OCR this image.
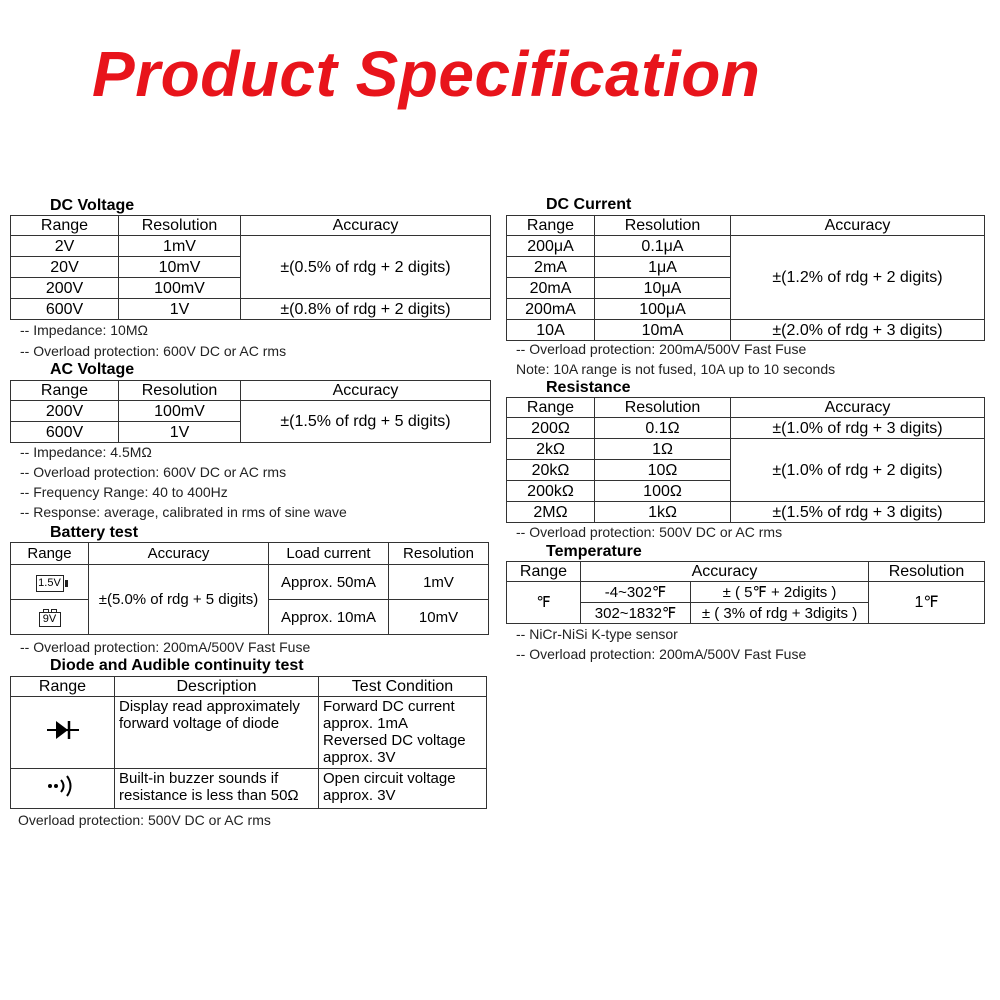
Product Specification
DC Voltage
Range	Resolution	Accuracy
2V	1mV	±(0.5% of rdg + 2 digits)
20V	10mV	
200V	100mV	
600V	1V	±(0.8% of rdg + 2 digits)
-- Impedance: 10MΩ
-- Overload protection: 600V DC or AC rms
AC Voltage
Range	Resolution	Accuracy
200V	100mV	±(1.5% of rdg + 5 digits)
600V	1V	
-- Impedance: 4.5MΩ
-- Overload protection: 600V DC or AC rms
-- Frequency Range: 40 to 400Hz
-- Response: average, calibrated in rms of sine wave
Battery test
Range	Accuracy	Load current	Resolution
1.5V	±(5.0% of rdg + 5 digits)	Approx. 50mA	1mV
9V		Approx. 10mA	10mV
-- Overload protection: 200mA/500V Fast Fuse
Diode and Audible continuity test
Range	Description	Test Condition
	Display read approximately forward voltage of diode	Forward DC current
approx. 1mA
Reversed DC voltage
approx. 3V

	Built-in buzzer sounds if resistance is less than 50Ω	Open circuit voltage
approx. 3V
Overload protection: 500V DC or AC rms
DC Current
Range	Resolution	Accuracy
200μA	0.1μA	±(1.2% of rdg + 2 digits)
2mA	1μA	
20mA	10μA	
200mA	100μA	
10A	10mA	±(2.0% of rdg + 3 digits)
-- Overload protection: 200mA/500V Fast Fuse
Note: 10A range is not fused, 10A up to 10 seconds
Resistance
Range	Resolution	Accuracy
200Ω	0.1Ω	±(1.0% of rdg + 3 digits)
2kΩ	1Ω	±(1.0% of rdg + 2 digits)
20kΩ	10Ω	
200kΩ	100Ω	
2MΩ	1kΩ	±(1.5% of rdg + 3 digits)
-- Overload protection: 500V DC or AC rms
Temperature
Range	Accuracy		Resolution
℉	-4~302℉	± ( 5℉ + 2digits )	1℉
	302~1832℉	± ( 3% of rdg + 3digits )	
-- NiCr-NiSi K-type sensor
-- Overload protection: 200mA/500V Fast Fuse
